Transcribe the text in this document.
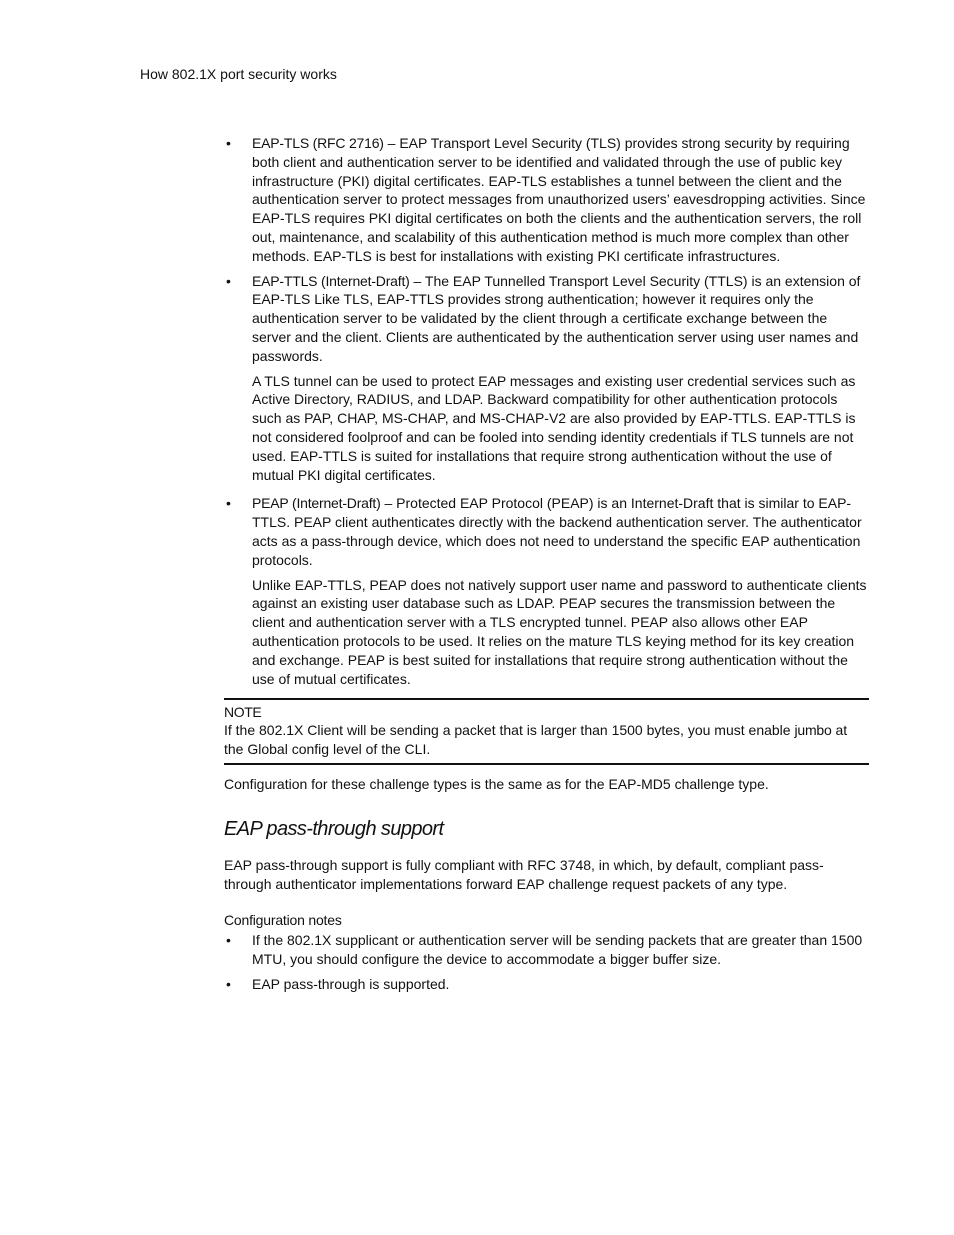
How 802.1X port security works
• EAP-TLS (RFC 2716) – EAP Transport Level Security (TLS) provides strong security by requiring both client and authentication server to be identified and validated through the use of public key infrastructure (PKI) digital certificates. EAP-TLS establishes a tunnel between the client and the authentication server to protect messages from unauthorized users’ eavesdropping activities. Since EAP-TLS requires PKI digital certificates on both the clients and the authentication servers, the roll out, maintenance, and scalability of this authentication method is much more complex than other methods. EAP-TLS is best for installations with existing PKI certificate infrastructures.

• EAP-TTLS (Internet-Draft) – The EAP Tunnelled Transport Level Security (TTLS) is an extension of EAP-TLS Like TLS, EAP-TTLS provides strong authentication; however it requires only the authentication server to be validated by the client through a certificate exchange between the server and the client. Clients are authenticated by the authentication server using user names and passwords.

A TLS tunnel can be used to protect EAP messages and existing user credential services such as Active Directory, RADIUS, and LDAP. Backward compatibility for other authentication protocols such as PAP, CHAP, MS-CHAP, and MS-CHAP-V2 are also provided by EAP-TTLS. EAP-TTLS is not considered foolproof and can be fooled into sending identity credentials if TLS tunnels are not used. EAP-TTLS is suited for installations that require strong authentication without the use of mutual PKI digital certificates.

• PEAP (Internet-Draft) – Protected EAP Protocol (PEAP) is an Internet-Draft that is similar to EAP-TTLS. PEAP client authenticates directly with the backend authentication server. The authenticator acts as a pass-through device, which does not need to understand the specific EAP authentication protocols.

Unlike EAP-TTLS, PEAP does not natively support user name and password to authenticate clients against an existing user database such as LDAP. PEAP secures the transmission between the client and authentication server with a TLS encrypted tunnel. PEAP also allows other EAP authentication protocols to be used. It relies on the mature TLS keying method for its key creation and exchange. PEAP is best suited for installations that require strong authentication without the use of mutual certificates.

NOTE

If the 802.1X Client will be sending a packet that is larger than 1500 bytes, you must enable jumbo at the Global config level of the CLI.

Configuration for these challenge types is the same as for the EAP-MD5 challenge type.

EAP pass-through support

EAP pass-through support is fully compliant with RFC 3748, in which, by default, compliant pass-through authenticator implementations forward EAP challenge request packets of any type.

Configuration notes
• If the 802.1X supplicant or authentication server will be sending packets that are greater than 1500 MTU, you should configure the device to accommodate a bigger buffer size.

• EAP pass-through is supported.
